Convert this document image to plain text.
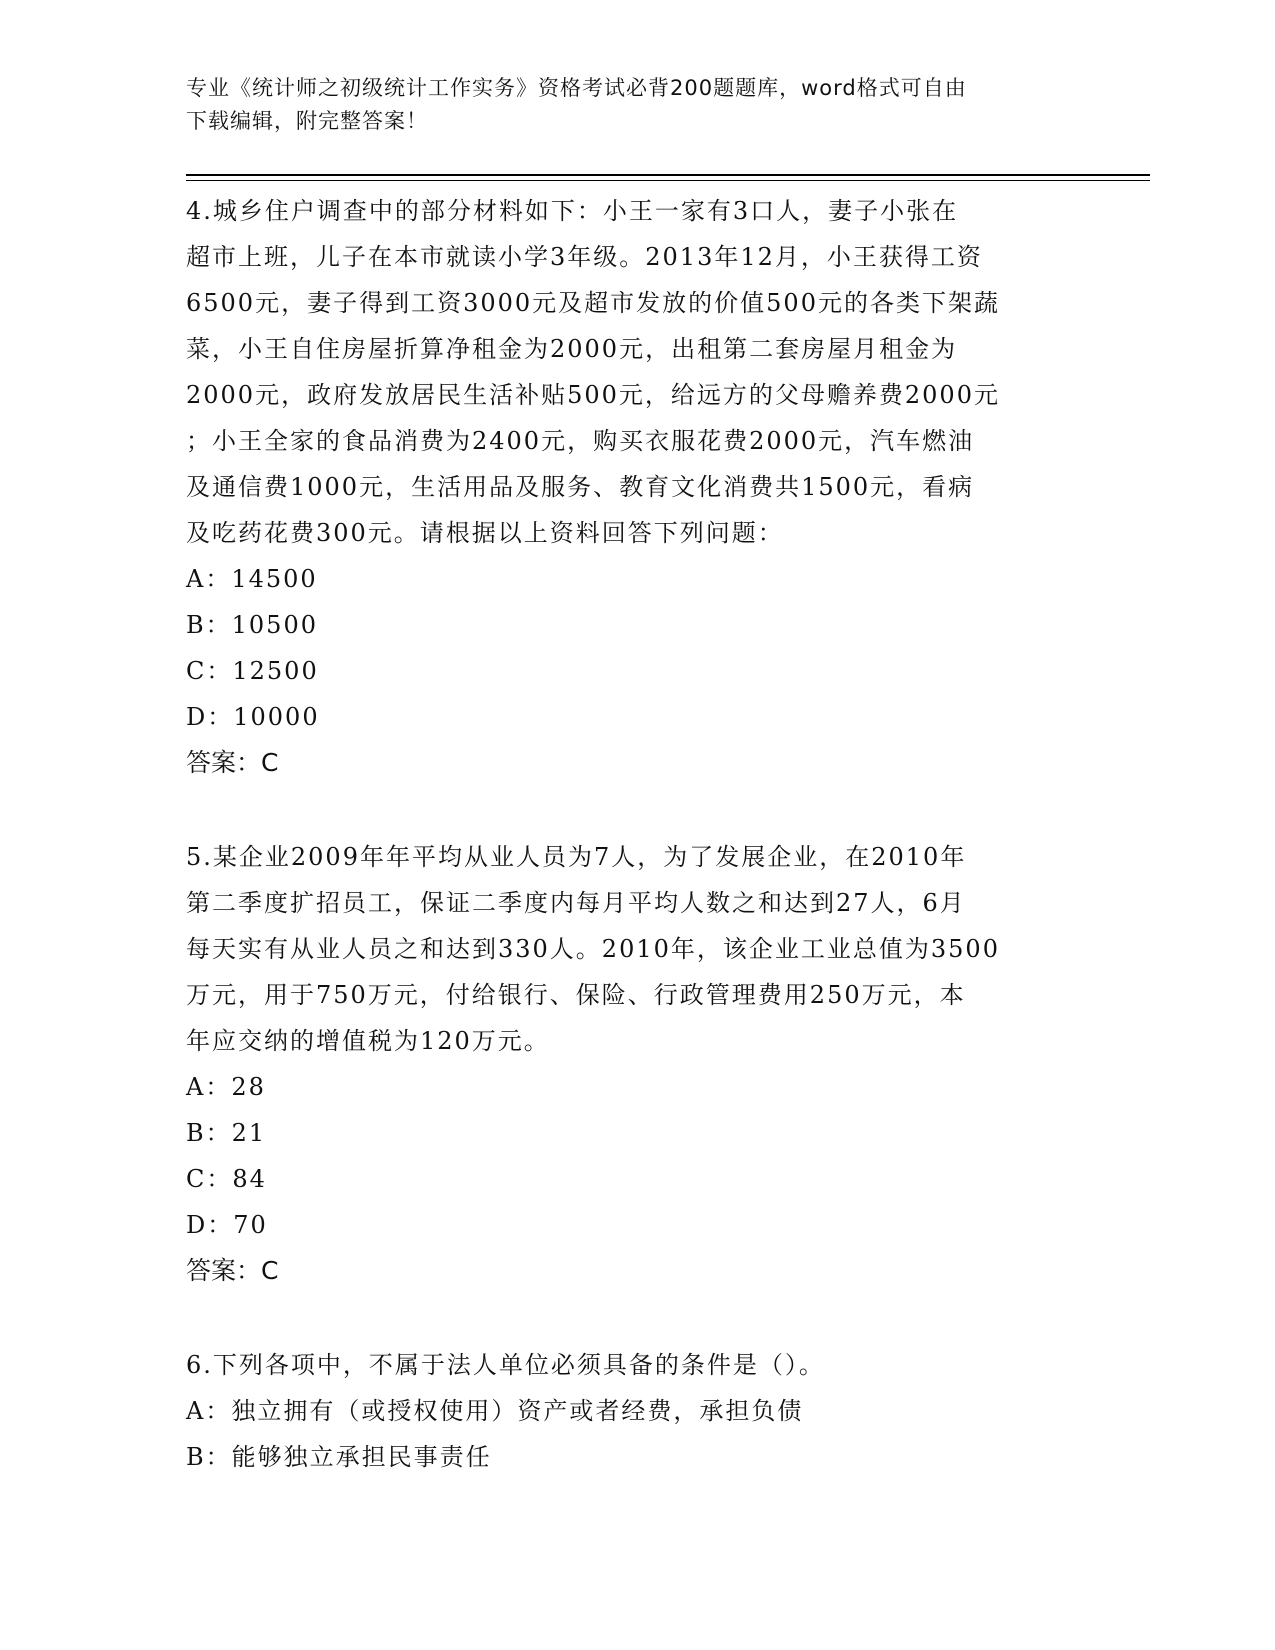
专业《统计师之初级统计工作实务》资格考试必背200题题库，word格式可自由
下载编辑，附完整答案！

4.城乡住户调查中的部分材料如下：小王一家有3口人，妻子小张在

超市上班，儿子在本市就读小学3年级。2013年12月，小王获得工资

6500元，妻子得到工资3000元及超市发放的价值500元的各类下架蔬

菜，小王自住房屋折算净租金为2000元，出租第二套房屋月租金为

2000元，政府发放居民生活补贴500元，给远方的父母赡养费2000元

；小王全家的食品消费为2400元，购买衣服花费2000元，汽车燃油

及通信费1000元，生活用品及服务、教育文化消费共1500元，看病

及吃药花费300元。请根据以上资料回答下列问题：

A：14500

B：10500

C：12500

D：10000

答案：C

5.某企业2009年年平均从业人员为7人，为了发展企业，在2010年

第二季度扩招员工，保证二季度内每月平均人数之和达到27人，6月

每天实有从业人员之和达到330人。2010年，该企业工业总值为3500

万元，用于750万元，付给银行、保险、行政管理费用250万元，本

年应交纳的增值税为120万元。

A：28

B：21

C：84

D：70

答案：C

6.下列各项中，不属于法人单位必须具备的条件是（）。

A：独立拥有（或授权使用）资产或者经费，承担负债

B：能够独立承担民事责任
